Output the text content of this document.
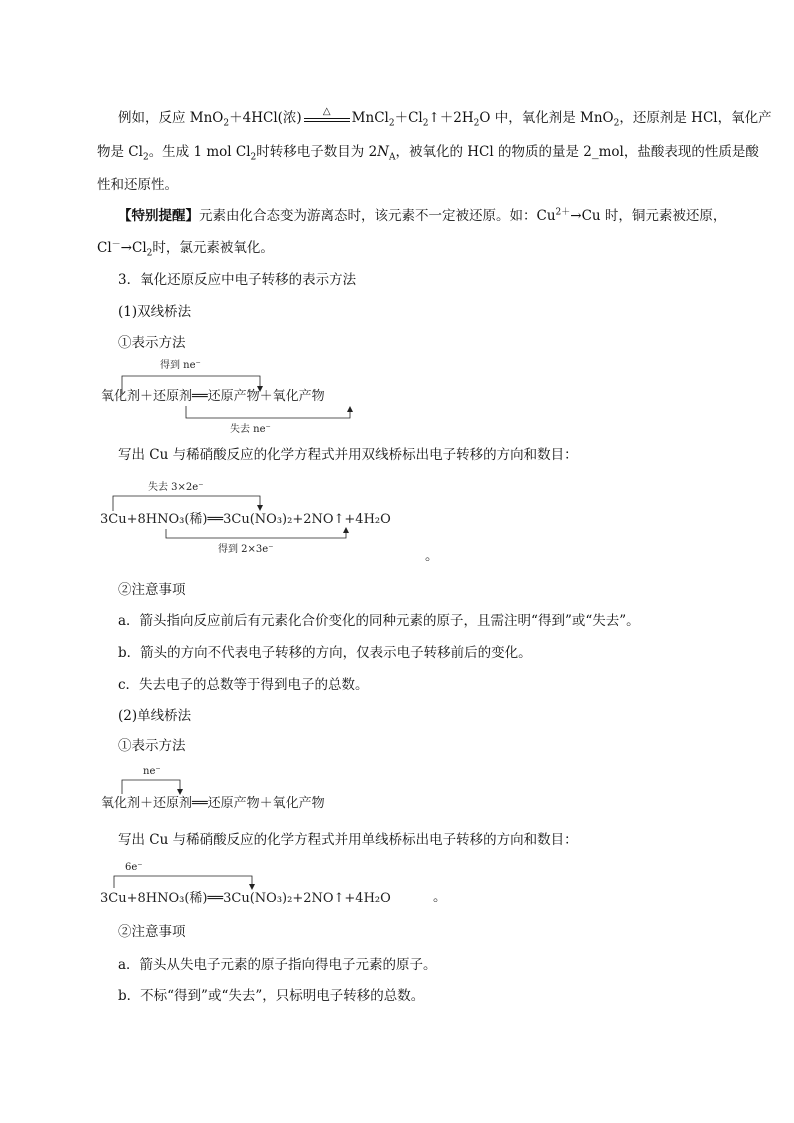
例如，反应 MnO$_2$＋4HCl(浓)	△	$MnCl_2+Cl_2↑+2H_2O$ 中，氧化剂是 MnO$_2$，还原剂是 HCl，氧化产
物是 $Cl_2$。生成 1 mol $Cl_2$时转移电子数目为 $2N_A$，被氧化的 HCl 的物质的量是 2_mol，盐酸表现的性质是酸
性和还原性。
【特别提醒】元素由化合态变为游离态时，该元素不一定被还原。如：$Cu^{2+}\to Cu$ 时，铜元素被还原，
$Cl^-\to Cl_2$时，氯元素被氧化。
3．氧化还原反应中电子转移的表示方法
(1)双线桥法
①表示方法
得到 ne⁻
氧化剂＋还原剂══还原产物＋氧化产物
失去 ne⁻
写出 Cu 与稀硝酸反应的化学方程式并用双线桥标出电子转移的方向和数目：
失去 3×2e⁻
3Cu+8HNO₃(稀)══3Cu(NO₃)₂+2NO↑+4H₂O
得到 2×3e⁻	。
②注意事项
a．箭头指向反应前后有元素化合价变化的同种元素的原子，且需注明“得到”或“失去”。
b．箭头的方向不代表电子转移的方向，仅表示电子转移前后的变化。
c．失去电子的总数等于得到电子的总数。
(2)单线桥法
①表示方法
ne⁻
氧化剂＋还原剂══还原产物＋氧化产物
写出 Cu 与稀硝酸反应的化学方程式并用单线桥标出电子转移的方向和数目：
6e⁻
3Cu+8HNO₃(稀)══3Cu(NO₃)₂+2NO↑+4H₂O	。
②注意事项
a．箭头从失电子元素的原子指向得电子元素的原子。
b．不标“得到”或“失去”，只标明电子转移的总数。
